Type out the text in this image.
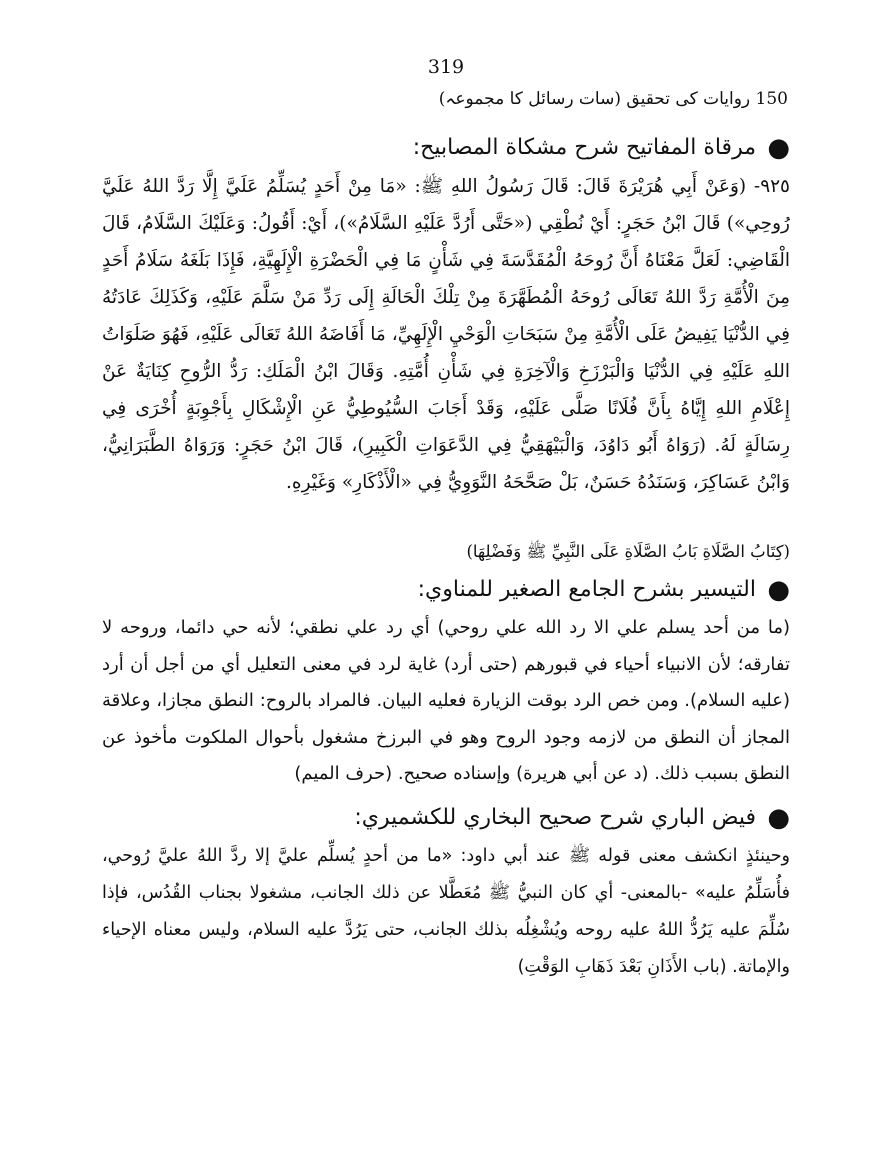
319
150 روایات کی تحقیق (سات رسائل کا مجموعہ)
●
مرقاة المفاتيح شرح مشكاة المصابيح:

٩٢٥- (وَعَنْ أَبِي هُرَيْرَةَ قَالَ: قَالَ رَسُولُ اللهِ ﷺ: «مَا مِنْ أَحَدٍ يُسَلِّمُ عَلَيَّ إِلَّا رَدَّ اللهُ عَلَيَّ رُوحِي») قَالَ ابْنُ حَجَرٍ: أَيْ نُطْقِي («حَتَّى أَرُدَّ عَلَيْهِ السَّلَامُ»)، أَيْ: أَقُولُ: وَعَلَيْكَ السَّلَامُ، قَالَ الْقَاضِي: لَعَلَّ مَعْنَاهُ أَنَّ رُوحَهُ الْمُقَدَّسَةَ فِي شَأْنٍ مَا فِي الْحَضْرَةِ الْإِلَهِيَّةِ، فَإِذَا بَلَغَهُ سَلَامُ أَحَدٍ مِنَ الْأُمَّةِ رَدَّ اللهُ تَعَالَى رُوحَهُ الْمُطَهَّرَةَ مِنْ تِلْكَ الْحَالَةِ إِلَى رَدِّ مَنْ سَلَّمَ عَلَيْهِ، وَكَذَلِكَ عَادَتُهُ فِي الدُّنْيَا يَفِيضُ عَلَى الْأُمَّةِ مِنْ سَبَحَاتِ الْوَحْيِ الْإِلَهِيِّ، مَا أَفَاضَهُ اللهُ تَعَالَى عَلَيْهِ، فَهُوَ صَلَوَاتُ اللهِ عَلَيْهِ فِي الدُّنْيَا وَالْبَرْزَخِ وَالْآخِرَةِ فِي شَأْنِ أُمَّتِهِ. وَقَالَ ابْنُ الْمَلَكِ: رَدُّ الرُّوحِ كِنَايَةٌ عَنْ إِعْلَامِ اللهِ إِيَّاهُ بِأَنَّ فُلَانًا صَلَّى عَلَيْهِ، وَقَدْ أَجَابَ السُّيُوطِيُّ عَنِ الْإِشْكَالِ بِأَجْوِبَةٍ أُخْرَى فِي رِسَالَةٍ لَهُ. (رَوَاهُ أَبُو دَاوُدَ، وَالْبَيْهَقِيُّ فِي الدَّعَوَاتِ الْكَبِيرِ)، قَالَ ابْنُ حَجَرٍ: وَرَوَاهُ الطَّبَرَانِيُّ، وَابْنُ عَسَاكِرَ، وَسَنَدُهُ حَسَنٌ، بَلْ صَحَّحَهُ النَّوَوِيُّ فِي «الْأَذْكَارِ» وَغَيْرِهِ.

(كِتَابُ الصَّلَاةِ بَابُ الصَّلَاةِ عَلَى النَّبِيِّ ﷺ وَفَضْلِهَا)

●
التيسير بشرح الجامع الصغير للمناوي:

(ما من أحد يسلم علي الا رد الله علي روحي) أي رد علي نطقي؛ لأنه حي دائما، وروحه لا تفارقه؛ لأن الانبياء أحياء في قبورهم (حتى أرد) غاية لرد في معنى التعليل أي من أجل أن أرد (عليه السلام). ومن خص الرد بوقت الزيارة فعليه البيان. فالمراد بالروح: النطق مجازا، وعلاقة المجاز أن النطق من لازمه وجود الروح وهو في البرزخ مشغول بأحوال الملكوت مأخوذ عن النطق بسبب ذلك. (د عن أبي هريرة) وإسناده صحيح. (حرف الميم)

●
فيض الباري شرح صحيح البخاري للكشميري:

وحينئذٍ انكشف معنى قوله ﷺ عند أبي داود: «ما من أحدٍ يُسلِّم عليَّ إلا ردَّ اللهُ عليَّ رُوحي، فأُسَلِّمُ عليه» -بالمعنى- أي كان النبيُّ ﷺ مُعَطَّلا عن ذلك الجانب، مشغولا بجناب القُدُس، فإذا سُلِّمَ عليه يَرُدُّ اللهُ عليه روحه ويُشْغِلُه بذلك الجانب، حتى يَرُدَّ عليه السلام، وليس معناه الإحياء والإماتة. (باب الأَذَانِ بَعْدَ ذَهَابِ الوَقْتِ)
